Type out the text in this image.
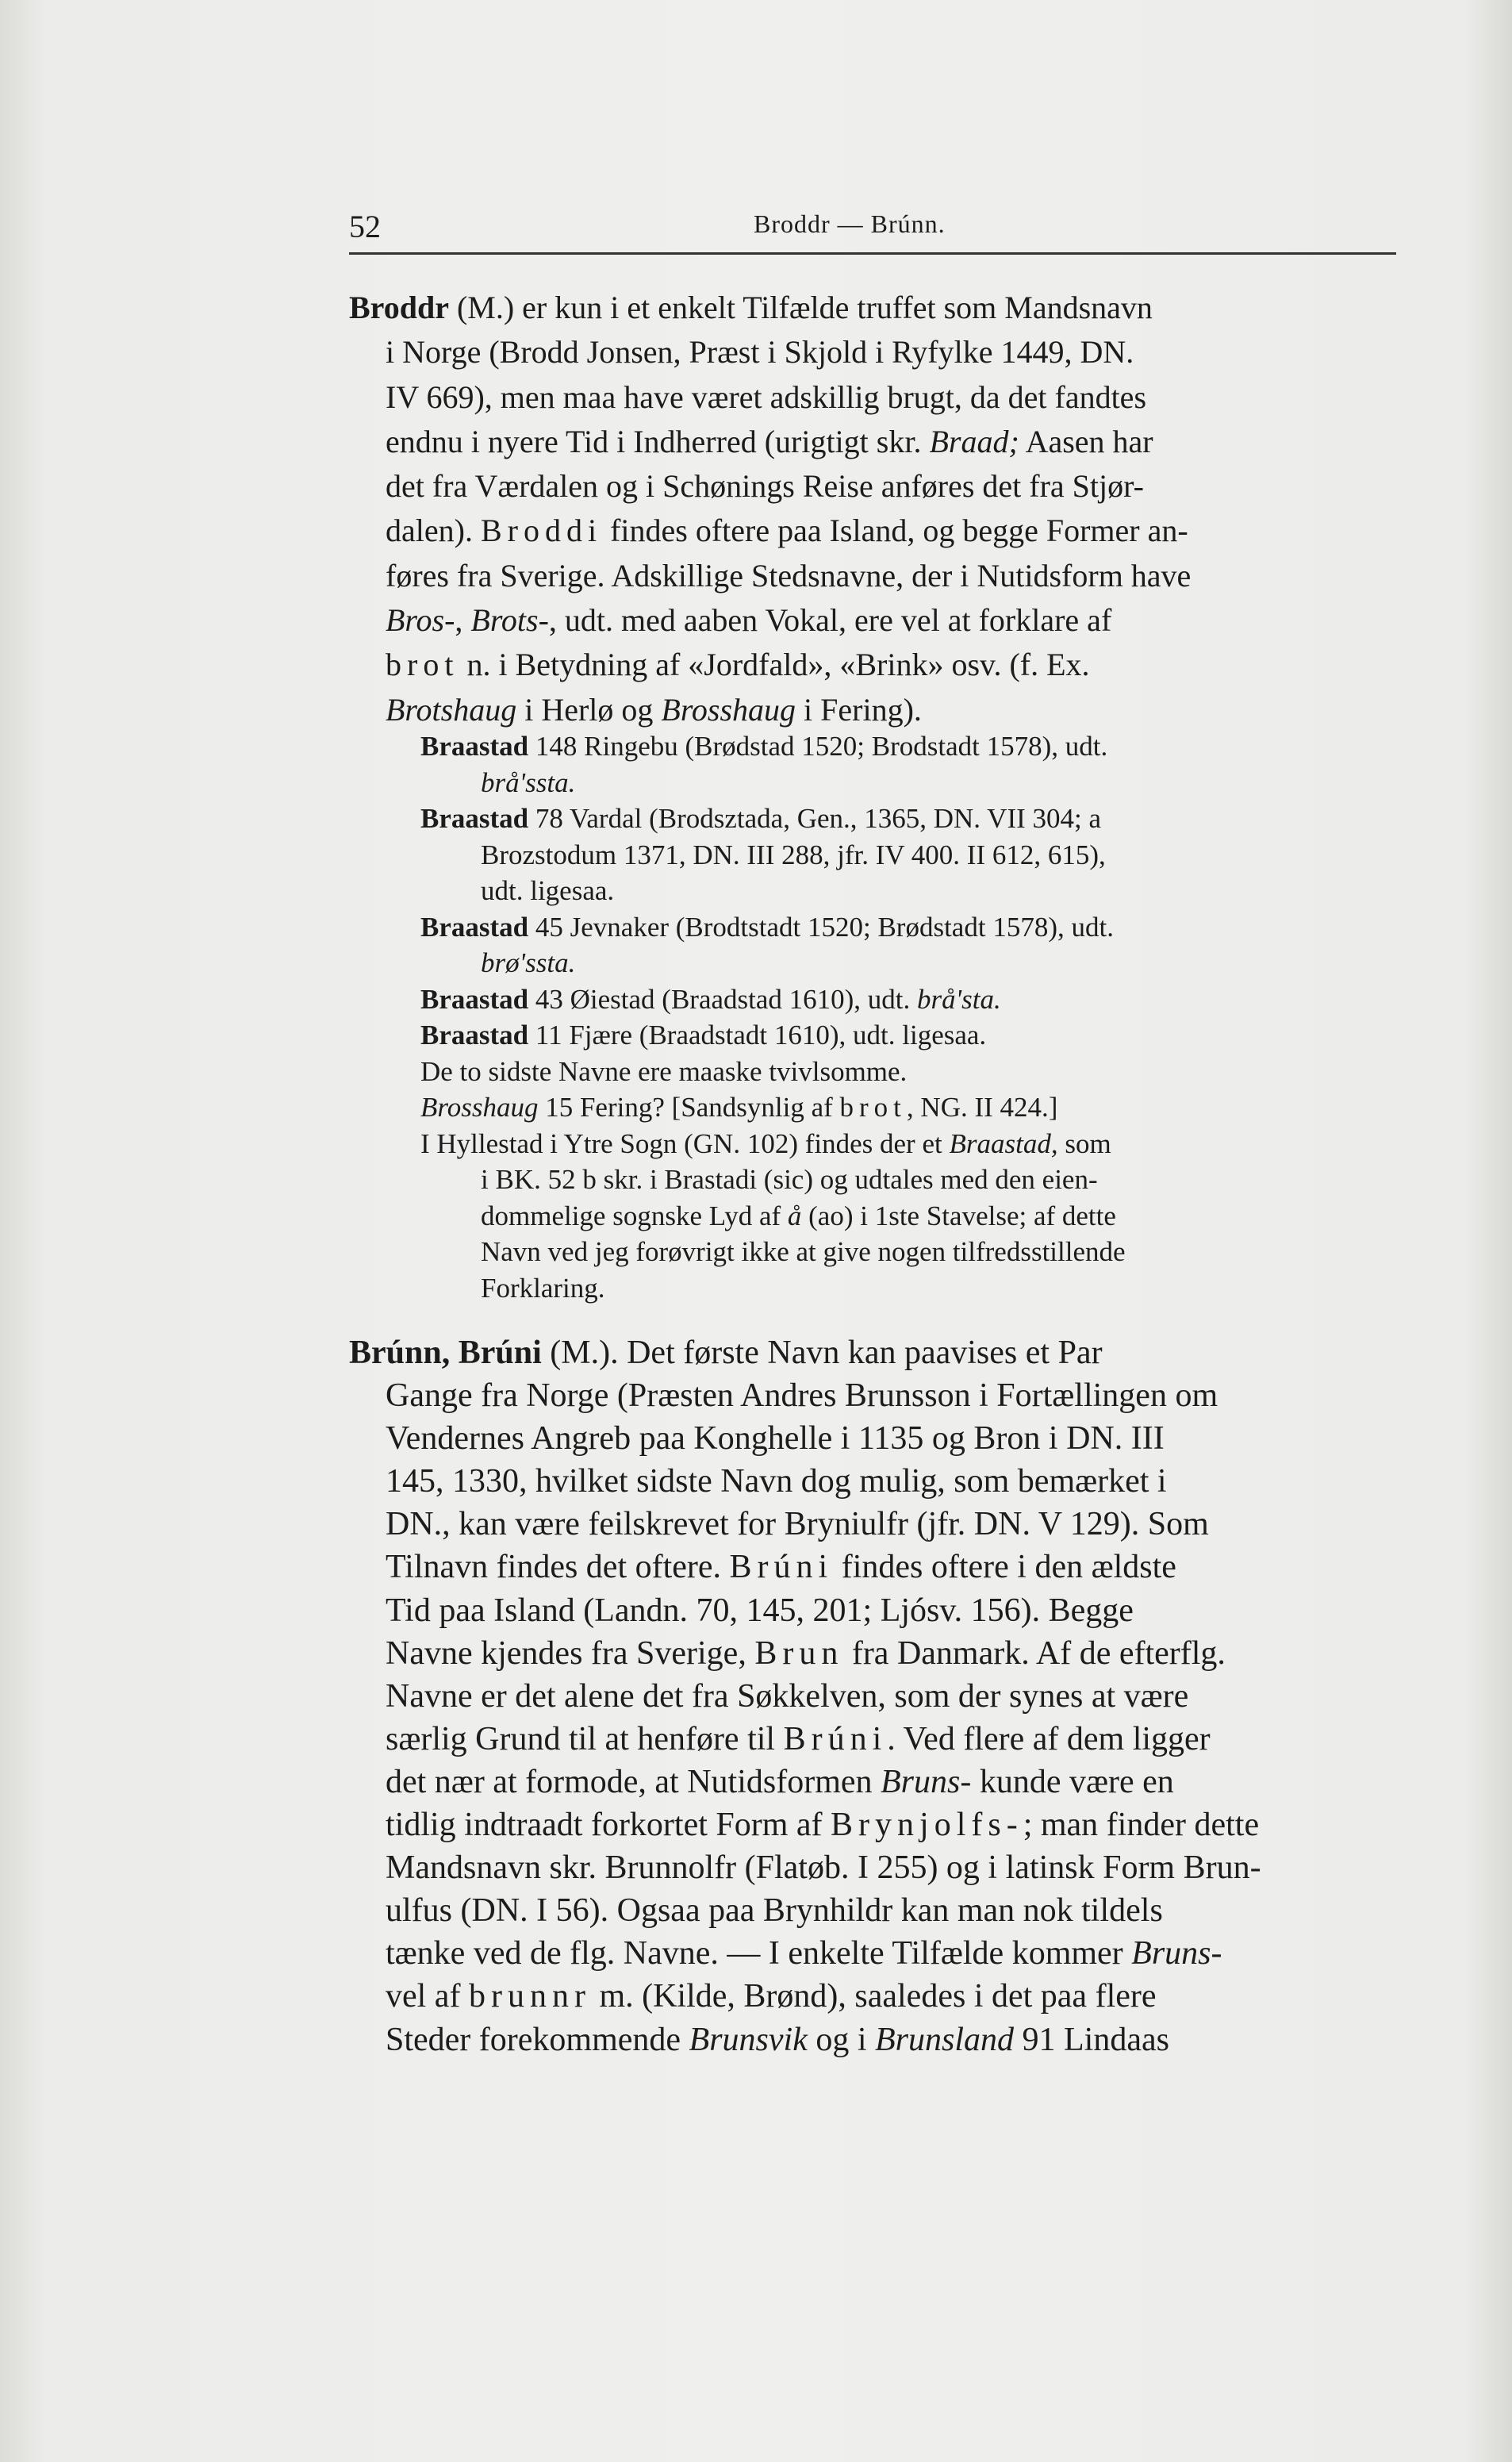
52	Broddr — Brúnn.
Broddr (M.) er kun i et enkelt Tilfælde truffet som Mandsnavn
i Norge (Brodd Jonsen, Præst i Skjold i Ryfylke 1449, DN.
IV 669), men maa have været adskillig brugt, da det fandtes
endnu i nyere Tid i Indherred (urigtigt skr. Braad; Aasen har
det fra Værdalen og i Schønings Reise anføres det fra Stjør-
dalen). Broddi findes oftere paa Island, og begge Former an-
føres fra Sverige. Adskillige Stedsnavne, der i Nutidsform have
Bros-, Brots-, udt. med aaben Vokal, ere vel at forklare af
brot n. i Betydning af «Jordfald», «Brink» osv. (f. Ex.
Brotshaug i Herlø og Brosshaug i Fering).
Braastad 148 Ringebu (Brødstad 1520; Brodstadt 1578), udt.
brå'ssta.
Braastad 78 Vardal (Brodsztada, Gen., 1365, DN. VII 304; a
Brozstodum 1371, DN. III 288, jfr. IV 400. II 612, 615),
udt. ligesaa.
Braastad 45 Jevnaker (Brodtstadt 1520; Brødstadt 1578), udt.
brø'ssta.
Braastad 43 Øiestad (Braadstad 1610), udt. brå'sta.
Braastad 11 Fjære (Braadstadt 1610), udt. ligesaa.
De to sidste Navne ere maaske tvivlsomme.
Brosshaug 15 Fering? [Sandsynlig af brot, NG. II 424.]
I Hyllestad i Ytre Sogn (GN. 102) findes der et Braastad, som
i BK. 52 b skr. i Brastadi (sic) og udtales med den eien-
dommelige sognske Lyd af å (ao) i 1ste Stavelse; af dette
Navn ved jeg forøvrigt ikke at give nogen tilfredsstillende
Forklaring.
Brúnn, Brúni (M.). Det første Navn kan paavises et Par
Gange fra Norge (Præsten Andres Brunsson i Fortællingen om
Vendernes Angreb paa Konghelle i 1135 og Bron i DN. III
145, 1330, hvilket sidste Navn dog mulig, som bemærket i
DN., kan være feilskrevet for Bryniulfr (jfr. DN. V 129). Som
Tilnavn findes det oftere. Brúni findes oftere i den ældste
Tid paa Island (Landn. 70, 145, 201; Ljósv. 156). Begge
Navne kjendes fra Sverige, Brun fra Danmark. Af de efterflg.
Navne er det alene det fra Søkkelven, som der synes at være
særlig Grund til at henføre til Brúni. Ved flere af dem ligger
det nær at formode, at Nutidsformen Bruns- kunde være en
tidlig indtraadt forkortet Form af Brynjolfs-; man finder dette
Mandsnavn skr. Brunnolfr (Flatøb. I 255) og i latinsk Form Brun-
ulfus (DN. I 56). Ogsaa paa Brynhildr kan man nok tildels
tænke ved de flg. Navne. — I enkelte Tilfælde kommer Bruns-
vel af brunnr m. (Kilde, Brønd), saaledes i det paa flere
Steder forekommende Brunsvik og i Brunsland 91 Lindaas
